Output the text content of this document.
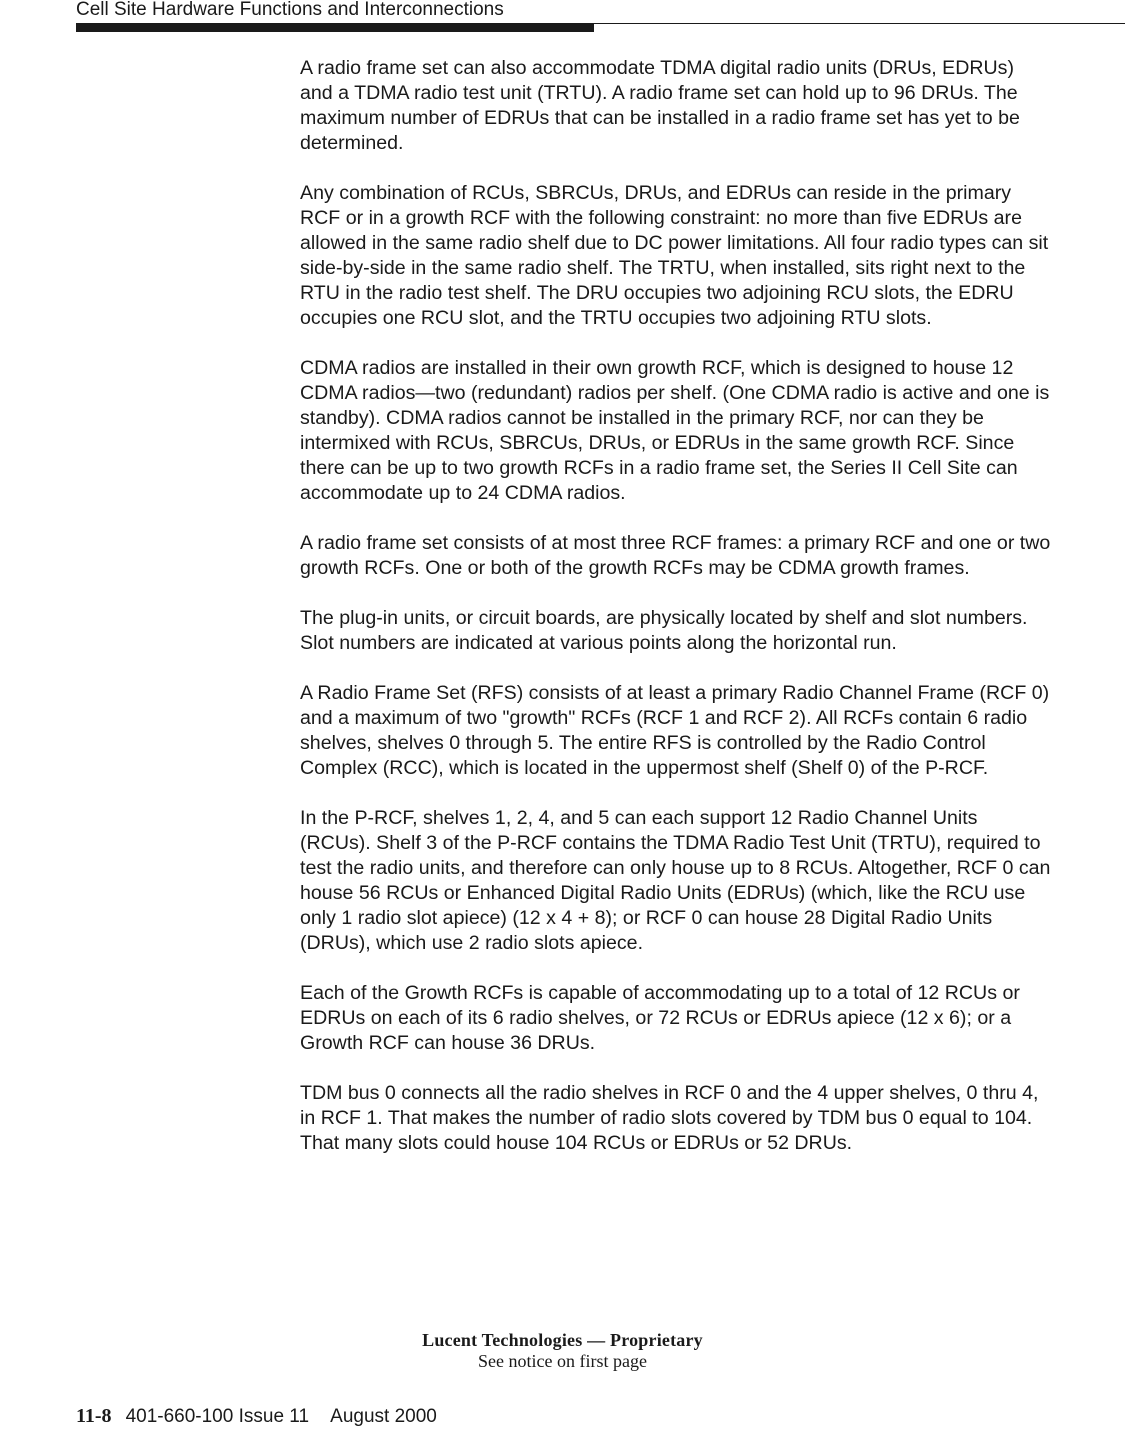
Cell Site Hardware Functions and Interconnections

A radio frame set can also accommodate TDMA digital radio units (DRUs, EDRUs) and a TDMA radio test unit (TRTU). A radio frame set can hold up to 96 DRUs. The maximum number of EDRUs that can be installed in a radio frame set has yet to be determined.

Any combination of RCUs, SBRCUs, DRUs, and EDRUs can reside in the primary RCF or in a growth RCF with the following constraint: no more than five EDRUs are allowed in the same radio shelf due to DC power limitations. All four radio types can sit side-by-side in the same radio shelf. The TRTU, when installed, sits right next to the RTU in the radio test shelf. The DRU occupies two adjoining RCU slots, the EDRU occupies one RCU slot, and the TRTU occupies two adjoining RTU slots.

CDMA radios are installed in their own growth RCF, which is designed to house 12 CDMA radios—two (redundant) radios per shelf. (One CDMA radio is active and one is standby). CDMA radios cannot be installed in the primary RCF, nor can they be intermixed with RCUs, SBRCUs, DRUs, or EDRUs in the same growth RCF. Since there can be up to two growth RCFs in a radio frame set, the Series II Cell Site can accommodate up to 24 CDMA radios.

A radio frame set consists of at most three RCF frames: a primary RCF and one or two growth RCFs. One or both of the growth RCFs may be CDMA growth frames.

The plug-in units, or circuit boards, are physically located by shelf and slot numbers. Slot numbers are indicated at various points along the horizontal run.

A Radio Frame Set (RFS) consists of at least a primary Radio Channel Frame (RCF 0) and a maximum of two "growth" RCFs (RCF 1 and RCF 2). All RCFs contain 6 radio shelves, shelves 0 through 5. The entire RFS is controlled by the Radio Control Complex (RCC), which is located in the uppermost shelf (Shelf 0) of the P-RCF.

In the P-RCF, shelves 1, 2, 4, and 5 can each support 12 Radio Channel Units (RCUs). Shelf 3 of the P-RCF contains the TDMA Radio Test Unit (TRTU), required to test the radio units, and therefore can only house up to 8 RCUs. Altogether, RCF 0 can house 56 RCUs or Enhanced Digital Radio Units (EDRUs) (which, like the RCU use only 1 radio slot apiece) (12 x 4 + 8); or RCF 0 can house 28 Digital Radio Units (DRUs), which use 2 radio slots apiece.

Each of the Growth RCFs is capable of accommodating up to a total of 12 RCUs or EDRUs on each of its 6 radio shelves, or 72 RCUs or EDRUs apiece (12 x 6); or a Growth RCF can house 36 DRUs.

TDM bus 0 connects all the radio shelves in RCF 0 and the 4 upper shelves, 0 thru 4, in RCF 1. That makes the number of radio slots covered by TDM bus 0 equal to 104. That many slots could house 104 RCUs or EDRUs or 52 DRUs.

Lucent Technologies — Proprietary
See notice on first page
11-8 401-660-100 Issue 11 August 2000
